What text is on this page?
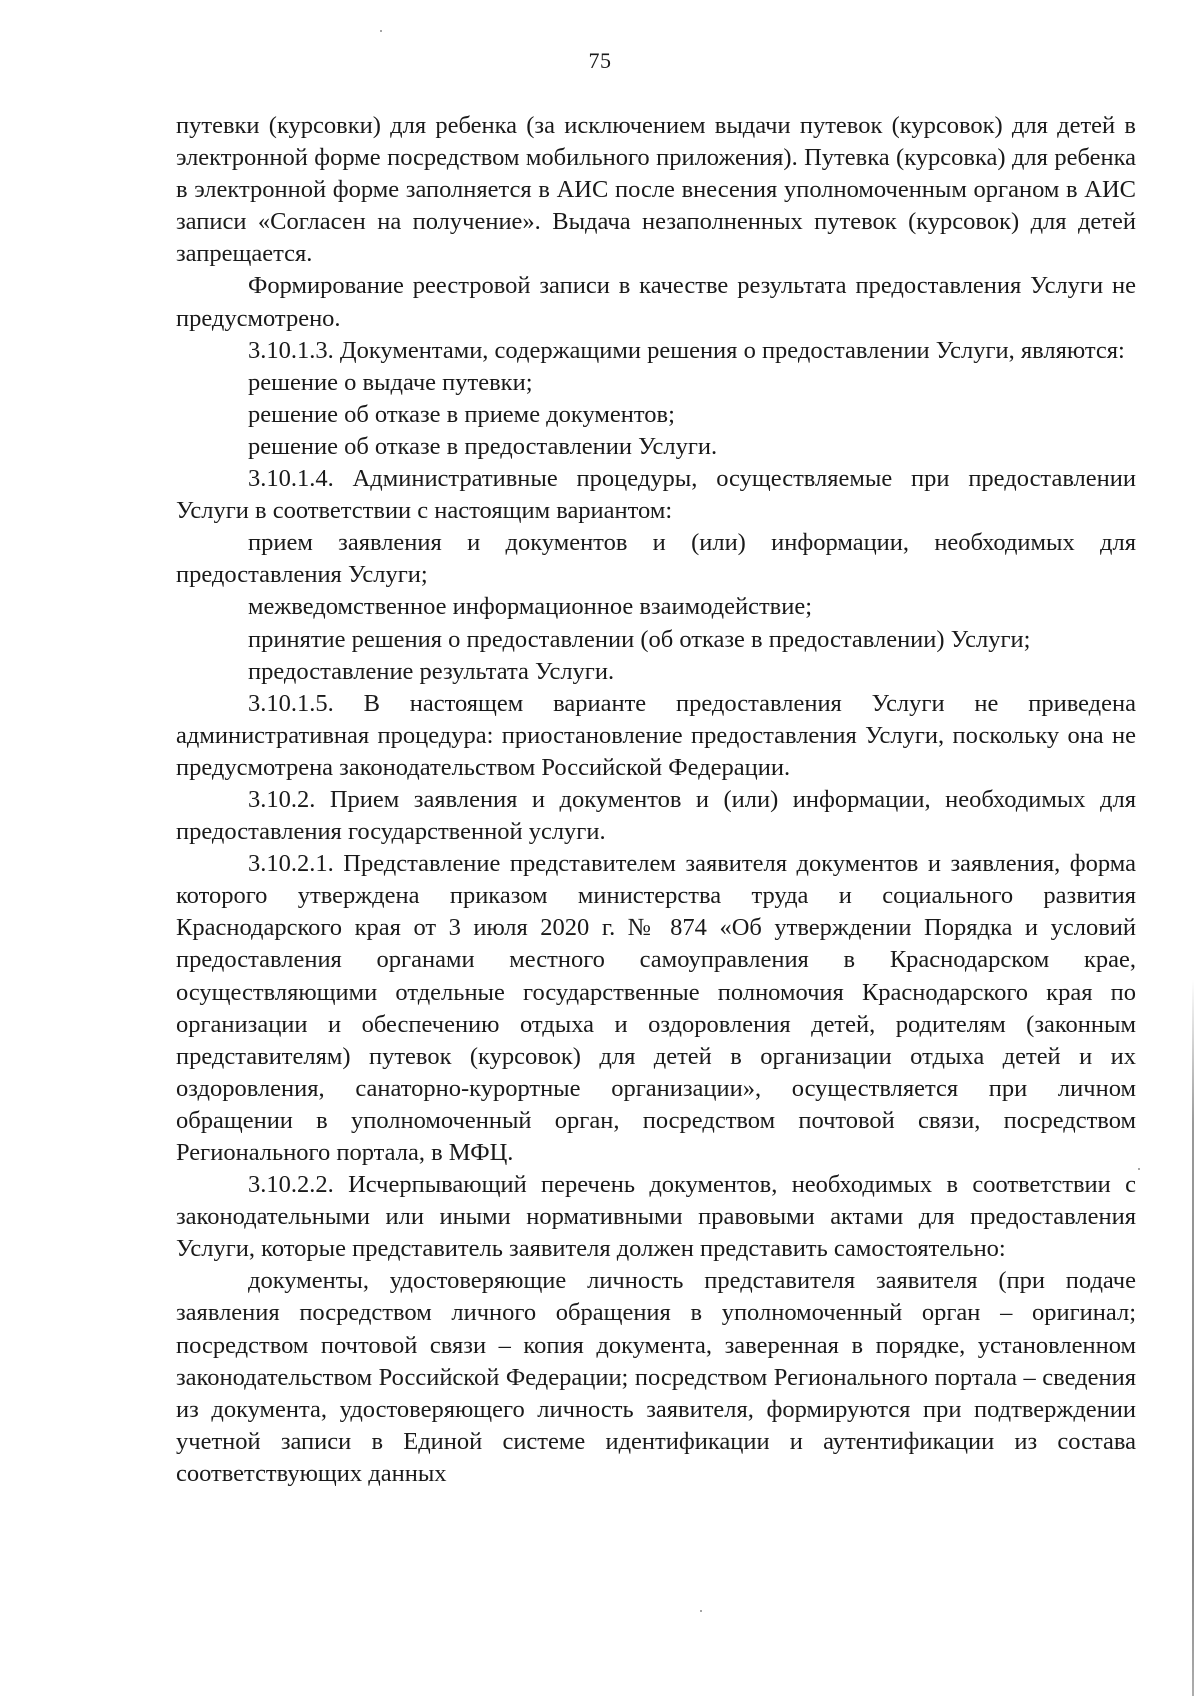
75

путевки (курсовки) для ребенка (за исключением выдачи путевок (курсовок) для детей в электронной форме посредством мобильного приложения). Путевка (курсовка) для ребенка в электронной форме заполняется в АИС после внесения уполномоченным органом в АИС записи «Согласен на получение». Выдача незаполненных путевок (курсовок) для детей запрещается.

Формирование реестровой записи в качестве результата предоставления Услуги не предусмотрено.

3.10.1.3. Документами, содержащими решения о предоставлении Услуги, являются:

решение о выдаче путевки;

решение об отказе в приеме документов;

решение об отказе в предоставлении Услуги.

3.10.1.4. Административные процедуры, осуществляемые при предоставлении Услуги в соответствии с настоящим вариантом:

прием заявления и документов и (или) информации, необходимых для предоставления Услуги;

межведомственное информационное взаимодействие;

принятие решения о предоставлении (об отказе в предоставлении) Услуги;

предоставление результата Услуги.

3.10.1.5. В настоящем варианте предоставления Услуги не приведена административная процедура: приостановление предоставления Услуги, поскольку она не предусмотрена законодательством Российской Федерации.

3.10.2. Прием заявления и документов и (или) информации, необходимых для предоставления государственной услуги.

3.10.2.1. Представление представителем заявителя документов и заявления, форма которого утверждена приказом министерства труда и социального развития Краснодарского края от 3 июля 2020 г. № 874 «Об утверждении Порядка и условий предоставления органами местного самоуправления в Краснодарском крае, осуществляющими отдельные государственные полномочия Краснодарского края по организации и обеспечению отдыха и оздоровления детей, родителям (законным представителям) путевок (курсовок) для детей в организации отдыха детей и их оздоровления, санаторно-курортные организации», осуществляется при личном обращении в уполномоченный орган, посредством почтовой связи, посредством Регионального портала, в МФЦ.

3.10.2.2. Исчерпывающий перечень документов, необходимых в соответствии с законодательными или иными нормативными правовыми актами для предоставления Услуги, которые представитель заявителя должен представить самостоятельно:

документы, удостоверяющие личность представителя заявителя (при подаче заявления посредством личного обращения в уполномоченный орган – оригинал; посредством почтовой связи – копия документа, заверенная в порядке, установленном законодательством Российской Федерации; посредством Регионального портала – сведения из документа, удостоверяющего личность заявителя, формируются при подтверждении учетной записи в Единой системе идентификации и аутентификации из состава соответствующих данных
